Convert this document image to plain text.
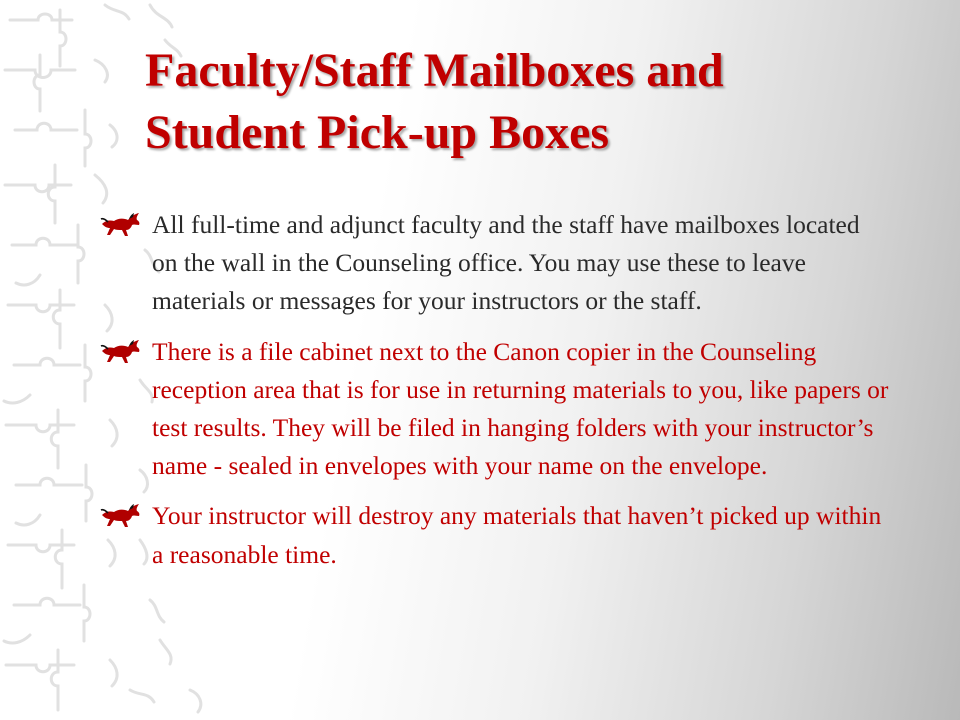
Faculty/Staff Mailboxes and
Student Pick-up Boxes
All full-time and adjunct faculty and the staff have mailboxes located on the wall in the Counseling office. You may use these to leave materials or messages for your instructors or the staff.
There is a file cabinet next to the Canon copier in the Counseling reception area that is for use in returning materials to you, like papers or test results. They will be filed in hanging folders with your instructor’s name - sealed in envelopes with your name on the envelope.
Your instructor will destroy any materials that haven’t picked up within a reasonable time.
